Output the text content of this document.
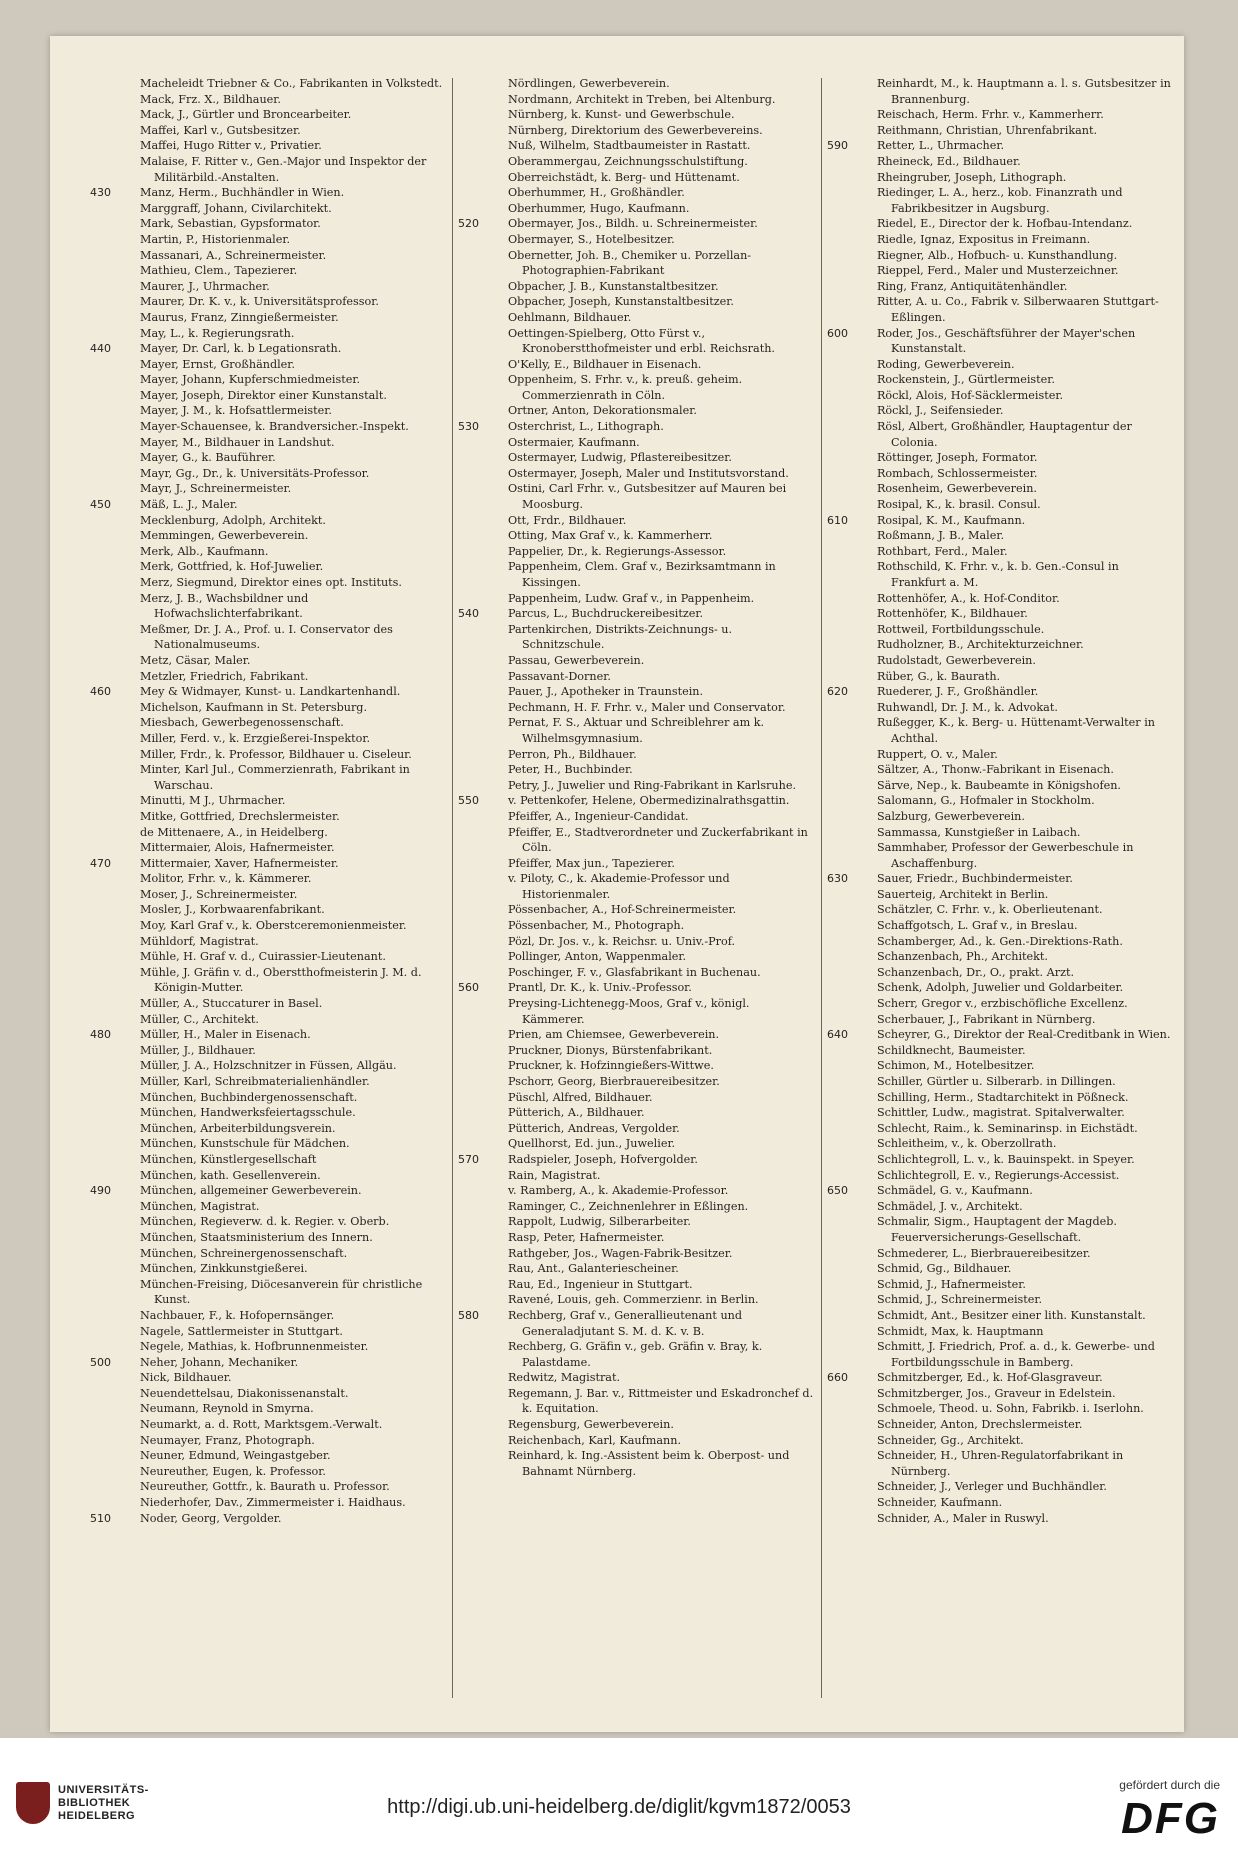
Macheleidt Triebner & Co., Fabrikanten in Volkstedt.
Mack, Frz. X., Bildhauer.
Mack, J., Gürtler und Broncearbeiter.
Maffei, Karl v., Gutsbesitzer.
Maffei, Hugo Ritter v., Privatier.
Malaise, F. Ritter v., Gen.-Major und Inspektor der Militärbild.-Anstalten.
430	Manz, Herm., Buchhändler in Wien.
Marggraff, Johann, Civilarchitekt.
Mark, Sebastian, Gypsformator.
Martin, P., Historienmaler.
Massanari, A., Schreinermeister.
Mathieu, Clem., Tapezierer.
Maurer, J., Uhrmacher.
Maurer, Dr. K. v., k. Universitätsprofessor.
Maurus, Franz, Zinngießermeister.
May, L., k. Regierungsrath.
440	Mayer, Dr. Carl, k. b Legationsrath.
Mayer, Ernst, Großhändler.
Mayer, Johann, Kupferschmiedmeister.
Mayer, Joseph, Direktor einer Kunstanstalt.
Mayer, J. M., k. Hofsattlermeister.
Mayer-Schauensee, k. Brandversicher.-Inspekt.
Mayer, M., Bildhauer in Landshut.
Mayer, G., k. Bauführer.
Mayr, Gg., Dr., k. Universitäts-Professor.
Mayr, J., Schreinermeister.
450	Mäß, L. J., Maler.
Mecklenburg, Adolph, Architekt.
Memmingen, Gewerbeverein.
Merk, Alb., Kaufmann.
Merk, Gottfried, k. Hof-Juwelier.
Merz, Siegmund, Direktor eines opt. Instituts.
Merz, J. B., Wachsbildner und Hofwachslichterfabrikant.
Meßmer, Dr. J. A., Prof. u. I. Conservator des Nationalmuseums.
Metz, Cäsar, Maler.
Metzler, Friedrich, Fabrikant.
460	Mey & Widmayer, Kunst- u. Landkartenhandl.
Michelson, Kaufmann in St. Petersburg.
Miesbach, Gewerbegenossenschaft.
Miller, Ferd. v., k. Erzgießerei-Inspektor.
Miller, Frdr., k. Professor, Bildhauer u. Ciseleur.
Minter, Karl Jul., Commerzienrath, Fabrikant in Warschau.
Minutti, M J., Uhrmacher.
Mitke, Gottfried, Drechslermeister.
de Mittenaere, A., in Heidelberg.
Mittermaier, Alois, Hafnermeister.
470	Mittermaier, Xaver, Hafnermeister.
Molitor, Frhr. v., k. Kämmerer.
Moser, J., Schreinermeister.
Mosler, J., Korbwaarenfabrikant.
Moy, Karl Graf v., k. Oberstceremonienmeister.
Mühldorf, Magistrat.
Mühle, H. Graf v. d., Cuirassier-Lieutenant.
Mühle, J. Gräfin v. d., Oberstthofmeisterin J. M. d. Königin-Mutter.
Müller, A., Stuccaturer in Basel.
Müller, C., Architekt.
480	Müller, H., Maler in Eisenach.
Müller, J., Bildhauer.
Müller, J. A., Holzschnitzer in Füssen, Allgäu.
Müller, Karl, Schreibmaterialienhändler.
München, Buchbindergenossenschaft.
München, Handwerksfeiertagsschule.
München, Arbeiterbildungsverein.
München, Kunstschule für Mädchen.
München, Künstlergesellschaft
München, kath. Gesellenverein.
490	München, allgemeiner Gewerbeverein.
München, Magistrat.
München, Regieverw. d. k. Regier. v. Oberb.
München, Staatsministerium des Innern.
München, Schreinergenossenschaft.
München, Zinkkunstgießerei.
München-Freising, Diöcesanverein für christliche Kunst.
Nachbauer, F., k. Hofopernsänger.
Nagele, Sattlermeister in Stuttgart.
Negele, Mathias, k. Hofbrunnenmeister.
500	Neher, Johann, Mechaniker.
Nick, Bildhauer.
Neuendettelsau, Diakonissenanstalt.
Neumann, Reynold in Smyrna.
Neumarkt, a. d. Rott, Marktsgem.-Verwalt.
Neumayer, Franz, Photograph.
Neuner, Edmund, Weingastgeber.
Neureuther, Eugen, k. Professor.
Neureuther, Gottfr., k. Baurath u. Professor.
Niederhofer, Dav., Zimmermeister i. Haidhaus.
510	Noder, Georg, Vergolder.
Nördlingen, Gewerbeverein.
Nordmann, Architekt in Treben, bei Altenburg.
Nürnberg, k. Kunst- und Gewerbschule.
Nürnberg, Direktorium des Gewerbevereins.
Nuß, Wilhelm, Stadtbaumeister in Rastatt.
Oberammergau, Zeichnungsschulstiftung.
Oberreichstädt, k. Berg- und Hüttenamt.
Oberhummer, H., Großhändler.
Oberhummer, Hugo, Kaufmann.
520	Obermayer, Jos., Bildh. u. Schreinermeister.
Obermayer, S., Hotelbesitzer.
Obernetter, Joh. B., Chemiker u. Porzellan-Photographien-Fabrikant
Obpacher, J. B., Kunstanstaltbesitzer.
Obpacher, Joseph, Kunstanstaltbesitzer.
Oehlmann, Bildhauer.
Oettingen-Spielberg, Otto Fürst v., Kronoberstthofmeister und erbl. Reichsrath.
O'Kelly, E., Bildhauer in Eisenach.
Oppenheim, S. Frhr. v., k. preuß. geheim. Commerzienrath in Cöln.
Ortner, Anton, Dekorationsmaler.
530	Osterchrist, L., Lithograph.
Ostermaier, Kaufmann.
Ostermayer, Ludwig, Pflastereibesitzer.
Ostermayer, Joseph, Maler und Institutsvorstand.
Ostini, Carl Frhr. v., Gutsbesitzer auf Mauren bei Moosburg.
Ott, Frdr., Bildhauer.
Otting, Max Graf v., k. Kammerherr.
Pappelier, Dr., k. Regierungs-Assessor.
Pappenheim, Clem. Graf v., Bezirksamtmann in Kissingen.
Pappenheim, Ludw. Graf v., in Pappenheim.
540	Parcus, L., Buchdruckereibesitzer.
Partenkirchen, Distrikts-Zeichnungs- u. Schnitzschule.
Passau, Gewerbeverein.
Passavant-Dorner.
Pauer, J., Apotheker in Traunstein.
Pechmann, H. F. Frhr. v., Maler und Conservator.
Pernat, F. S., Aktuar und Schreiblehrer am k. Wilhelmsgymnasium.
Perron, Ph., Bildhauer.
Peter, H., Buchbinder.
Petry, J., Juwelier und Ring-Fabrikant in Karlsruhe.
550	v. Pettenkofer, Helene, Obermedizinalrathsgattin.
Pfeiffer, A., Ingenieur-Candidat.
Pfeiffer, E., Stadtverordneter und Zuckerfabrikant in Cöln.
Pfeiffer, Max jun., Tapezierer.
v. Piloty, C., k. Akademie-Professor und Historienmaler.
Pössenbacher, A., Hof-Schreinermeister.
Pössenbacher, M., Photograph.
Pözl, Dr. Jos. v., k. Reichsr. u. Univ.-Prof.
Pollinger, Anton, Wappenmaler.
Poschinger, F. v., Glasfabrikant in Buchenau.
560	Prantl, Dr. K., k. Univ.-Professor.
Preysing-Lichtenegg-Moos, Graf v., königl. Kämmerer.
Prien, am Chiemsee, Gewerbeverein.
Pruckner, Dionys, Bürstenfabrikant.
Pruckner, k. Hofzinngießers-Wittwe.
Pschorr, Georg, Bierbrauereibesitzer.
Püschl, Alfred, Bildhauer.
Pütterich, A., Bildhauer.
Pütterich, Andreas, Vergolder.
Quellhorst, Ed. jun., Juwelier.
570	Radspieler, Joseph, Hofvergolder.
Rain, Magistrat.
v. Ramberg, A., k. Akademie-Professor.
Raminger, C., Zeichnenlehrer in Eßlingen.
Rappolt, Ludwig, Silberarbeiter.
Rasp, Peter, Hafnermeister.
Rathgeber, Jos., Wagen-Fabrik-Besitzer.
Rau, Ant., Galanteriescheiner.
Rau, Ed., Ingenieur in Stuttgart.
Ravené, Louis, geh. Commerzienr. in Berlin.
580	Rechberg, Graf v., Generallieutenant und Generaladjutant S. M. d. K. v. B.
Rechberg, G. Gräfin v., geb. Gräfin v. Bray, k. Palastdame.
Redwitz, Magistrat.
Regemann, J. Bar. v., Rittmeister und Eskadronchef d. k. Equitation.
Regensburg, Gewerbeverein.
Reichenbach, Karl, Kaufmann.
Reinhard, k. Ing.-Assistent beim k. Oberpost- und Bahnamt Nürnberg.
Reinhardt, M., k. Hauptmann a. l. s. Gutsbesitzer in Brannenburg.
Reischach, Herm. Frhr. v., Kammerherr.
Reithmann, Christian, Uhrenfabrikant.
590	Retter, L., Uhrmacher.
Rheineck, Ed., Bildhauer.
Rheingruber, Joseph, Lithograph.
Riedinger, L. A., herz., kob. Finanzrath und Fabrikbesitzer in Augsburg.
Riedel, E., Director der k. Hofbau-Intendanz.
Riedle, Ignaz, Expositus in Freimann.
Riegner, Alb., Hofbuch- u. Kunsthandlung.
Rieppel, Ferd., Maler und Musterzeichner.
Ring, Franz, Antiquitätenhändler.
Ritter, A. u. Co., Fabrik v. Silberwaaren Stuttgart-Eßlingen.
600	Roder, Jos., Geschäftsführer der Mayer'schen Kunstanstalt.
Roding, Gewerbeverein.
Rockenstein, J., Gürtlermeister.
Röckl, Alois, Hof-Säcklermeister.
Röckl, J., Seifensieder.
Rösl, Albert, Großhändler, Hauptagentur der Colonia.
Röttinger, Joseph, Formator.
Rombach, Schlossermeister.
Rosenheim, Gewerbeverein.
Rosipal, K., k. brasil. Consul.
610	Rosipal, K. M., Kaufmann.
Roßmann, J. B., Maler.
Rothbart, Ferd., Maler.
Rothschild, K. Frhr. v., k. b. Gen.-Consul in Frankfurt a. M.
Rottenhöfer, A., k. Hof-Conditor.
Rottenhöfer, K., Bildhauer.
Rottweil, Fortbildungsschule.
Rudholzner, B., Architekturzeichner.
Rudolstadt, Gewerbeverein.
Rüber, G., k. Baurath.
620	Ruederer, J. F., Großhändler.
Ruhwandl, Dr. J. M., k. Advokat.
Rußegger, K., k. Berg- u. Hüttenamt-Verwalter in Achthal.
Ruppert, O. v., Maler.
Sältzer, A., Thonw.-Fabrikant in Eisenach.
Särve, Nep., k. Baubeamte in Königshofen.
Salomann, G., Hofmaler in Stockholm.
Salzburg, Gewerbeverein.
Sammassa, Kunstgießer in Laibach.
Sammhaber, Professor der Gewerbeschule in Aschaffenburg.
630	Sauer, Friedr., Buchbindermeister.
Sauerteig, Architekt in Berlin.
Schätzler, C. Frhr. v., k. Oberlieutenant.
Schaffgotsch, L. Graf v., in Breslau.
Schamberger, Ad., k. Gen.-Direktions-Rath.
Schanzenbach, Ph., Architekt.
Schanzenbach, Dr., O., prakt. Arzt.
Schenk, Adolph, Juwelier und Goldarbeiter.
Scherr, Gregor v., erzbischöfliche Excellenz.
Scherbauer, J., Fabrikant in Nürnberg.
640	Scheyrer, G., Direktor der Real-Creditbank in Wien.
Schildknecht, Baumeister.
Schimon, M., Hotelbesitzer.
Schiller, Gürtler u. Silberarb. in Dillingen.
Schilling, Herm., Stadtarchitekt in Pößneck.
Schittler, Ludw., magistrat. Spitalverwalter.
Schlecht, Raim., k. Seminarinsp. in Eichstädt.
Schleitheim, v., k. Oberzollrath.
Schlichtegroll, L. v., k. Bauinspekt. in Speyer.
Schlichtegroll, E. v., Regierungs-Accessist.
650	Schmädel, G. v., Kaufmann.
Schmädel, J. v., Architekt.
Schmalir, Sigm., Hauptagent der Magdeb. Feuerversicherungs-Gesellschaft.
Schmederer, L., Bierbrauereibesitzer.
Schmid, Gg., Bildhauer.
Schmid, J., Hafnermeister.
Schmid, J., Schreinermeister.
Schmidt, Ant., Besitzer einer lith. Kunstanstalt.
Schmidt, Max, k. Hauptmann
Schmitt, J. Friedrich, Prof. a. d., k. Gewerbe- und Fortbildungsschule in Bamberg.
660	Schmitzberger, Ed., k. Hof-Glasgraveur.
Schmitzberger, Jos., Graveur in Edelstein.
Schmoele, Theod. u. Sohn, Fabrikb. i. Iserlohn.
Schneider, Anton, Drechslermeister.
Schneider, Gg., Architekt.
Schneider, H., Uhren-Regulatorfabrikant in Nürnberg.
Schneider, J., Verleger und Buchhändler.
Schneider, Kaufmann.
Schnider, A., Maler in Ruswyl.
UNIVERSITÄTS-
BIBLIOTHEK
HEIDELBERG	http://digi.ub.uni-heidelberg.de/diglit/kgvm1872/0053
gefördert durch die
DFG
